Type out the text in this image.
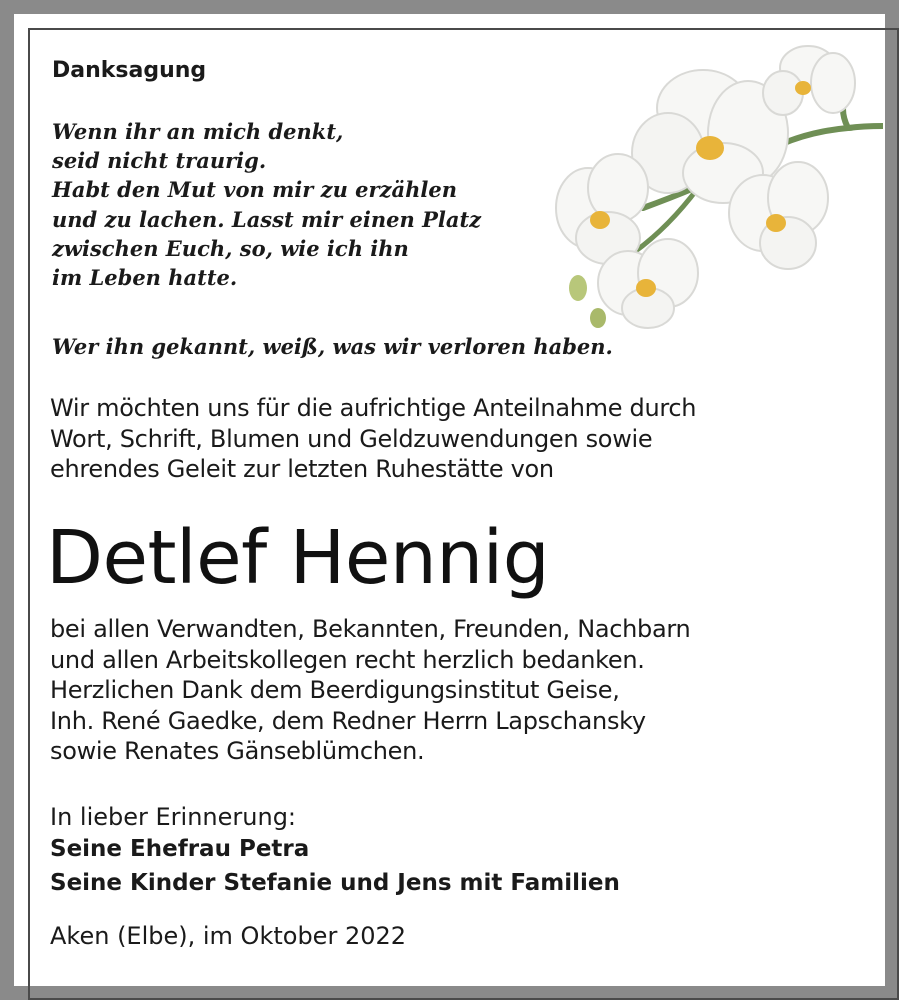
Danksagung

Wenn ihr an mich denkt,
seid nicht traurig.
Habt den Mut von mir zu erzählen
und zu lachen. Lasst mir einen Platz
zwischen Euch, so, wie ich ihn
im Leben hatte.

Wer ihn gekannt, weiß, was wir verloren haben.

Wir möchten uns für die aufrichtige Anteilnahme durch
Wort, Schrift, Blumen und Geldzuwendungen sowie
ehrendes Geleit zur letzten Ruhestätte von

Detlef Hennig

bei allen Verwandten, Bekannten, Freunden, Nachbarn
und allen Arbeitskollegen recht herzlich bedanken.
Herzlichen Dank dem Beerdigungsinstitut Geise,
Inh. René Gaedke, dem Redner Herrn Lapschansky
sowie Renates Gänseblümchen.
In lieber Erinnerung:
Seine Ehefrau Petra
Seine Kinder Stefanie und Jens mit Familien

Aken (Elbe), im Oktober 2022
